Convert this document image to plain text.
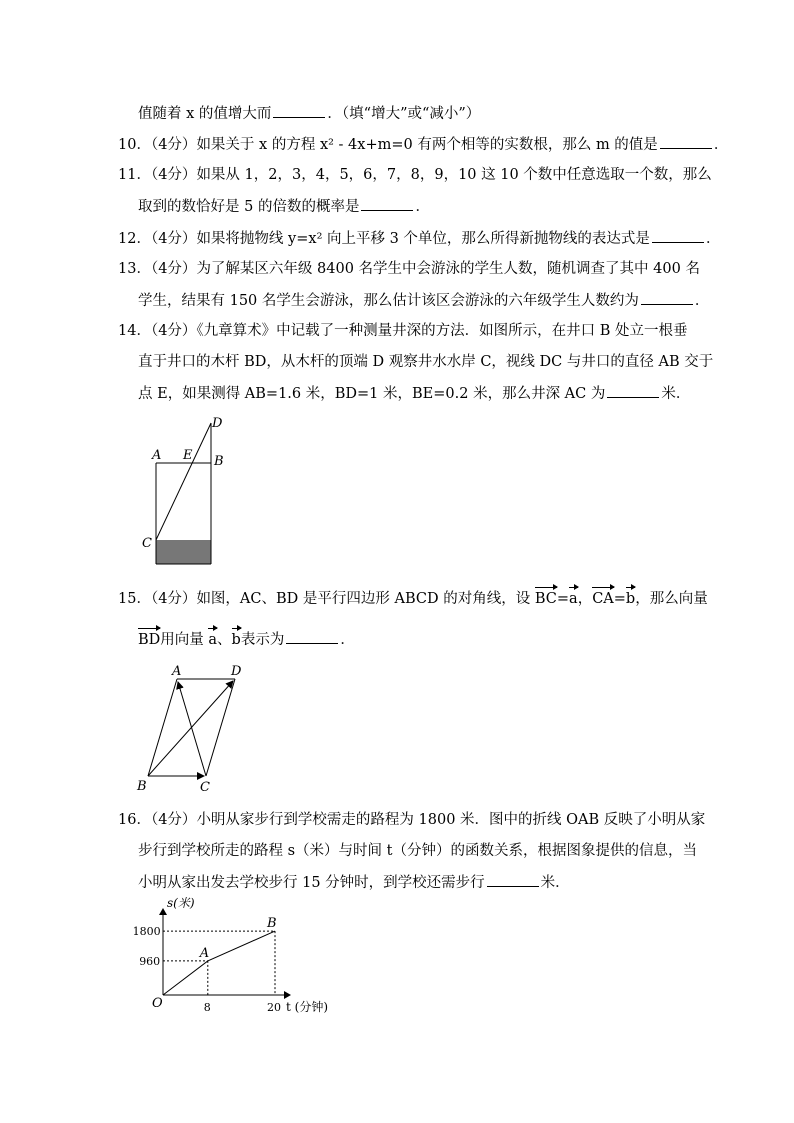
值随着 x 的值增大而	．（填“增大”或“减小”）
10．（4分）如果关于 x 的方程 x² - 4x+m=0 有两个相等的实数根，那么 m 的值是	．
11．（4分）如果从 1，2，3，4，5，6，7，8，9，10 这 10 个数中任意选取一个数，那么
取到的数恰好是 5 的倍数的概率是	．
12．（4分）如果将抛物线 y=x² 向上平移 3 个单位，那么所得新抛物线的表达式是	．
13．（4分）为了解某区六年级 8400 名学生中会游泳的学生人数，随机调查了其中 400 名
学生，结果有 150 名学生会游泳，那么估计该区会游泳的六年级学生人数约为	．
14．（4分）《九章算术》中记载了一种测量井深的方法．如图所示，在井口 B 处立一根垂
直于井口的木杆 BD，从木杆的顶端 D 观察井水水岸 C，视线 DC 与井口的直径 AB 交于
点 E，如果测得 AB=1.6 米，BD=1 米，BE=0.2 米，那么井深 AC 为	米．
A E B
D
C
15．（4分）如图，AC、BD 是平行四边形 ABCD 的对角线，设 BC=a，CA=b，那么向量
BD用向量 a、b表示为	．
A	D
B	C
16．（4分）小明从家步行到学校需走的路程为 1800 米．图中的折线 OAB 反映了小明从家
步行到学校所走的路程 s（米）与时间 t（分钟）的函数关系，根据图象提供的信息，当
小明从家出发去学校步行 15 分钟时，到学校还需步行	米．
s(米)
t (分钟)
O
A
B
8	20
960
1800
